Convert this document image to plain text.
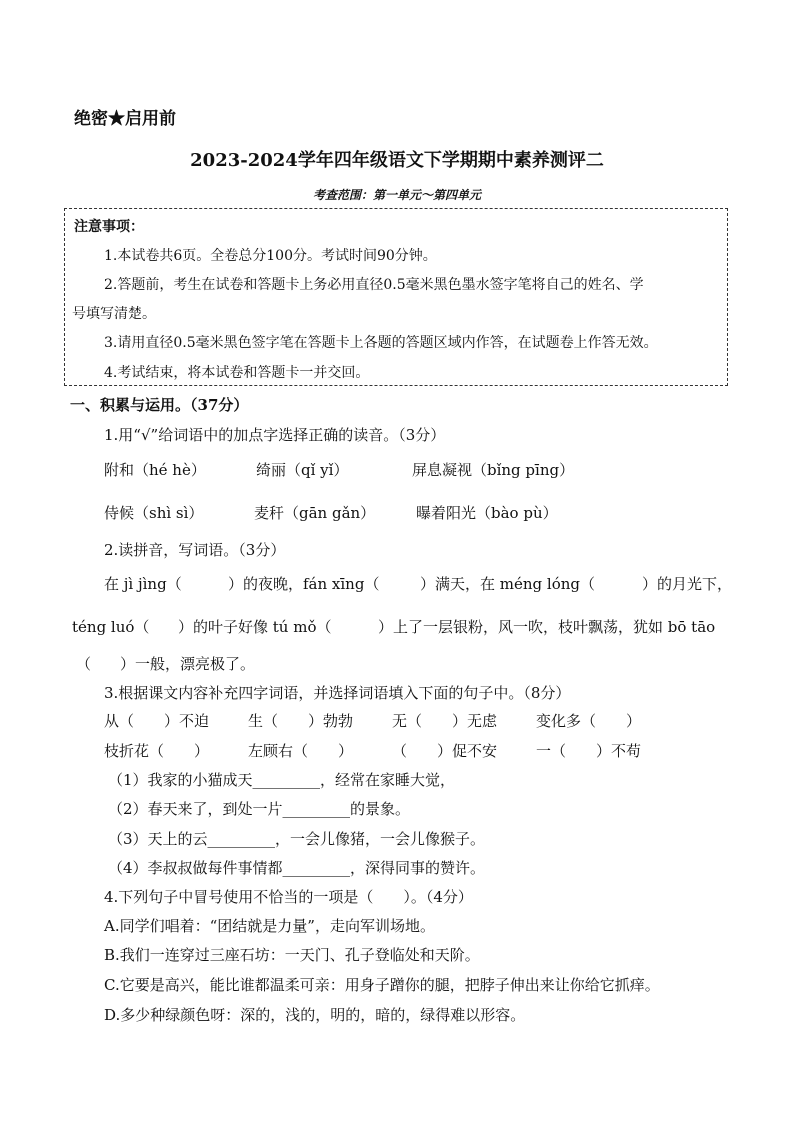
绝密★启用前
2023-2024学年四年级语文下学期期中素养测评二
考查范围：第一单元～第四单元
注意事项：
1.本试卷共6页。全卷总分100分。考试时间90分钟。
2.答题前，考生在试卷和答题卡上务必用直径0.5毫米黑色墨水签字笔将自己的姓名、学
号填写清楚。
3.请用直径0.5毫米黑色签字笔在答题卡上各题的答题区域内作答，在试题卷上作答无效。
4.考试结束，将本试卷和答题卡一并交回。
一、积累与运用。（37分）
1.用“√”给词语中的加点字选择正确的读音。（3分）
附和（hé hè）	绮丽（qǐ yǐ）	屏息凝视（bǐng pīng）
侍候（shì sì）	麦秆（gān gǎn）	曝着阳光（bào pù）
2.读拼音，写词语。（3分）
在 jì jìng（	）的夜晚，fán xīng（	）满天，在 méng lóng（	）的月光下，
téng luó（ ）的叶子好像 tú mǒ（	）上了一层银粉，风一吹，枝叶飘荡，犹如 bō tāo
（ ）一般，漂亮极了。
3.根据课文内容补充四字词语，并选择词语填入下面的句子中。（8分）
从（　　）不迫	生（　　）勃勃	无（　　）无虑	变化多（　　）
枝折花（　　）	左顾右（　　）	（　　）促不安	一（　　）不苟
（1）我家的小猫成天_________，经常在家睡大觉，
（2）春天来了，到处一片_________的景象。
（3）天上的云_________，一会儿像猪，一会儿像猴子。
（4）李叔叔做每件事情都_________，深得同事的赞许。
4.下列句子中冒号使用不恰当的一项是（　　）。（4分）
A.同学们唱着：“团结就是力量”，走向军训场地。
B.我们一连穿过三座石坊：一天门、孔子登临处和天阶。
C.它要是高兴，能比谁都温柔可亲：用身子蹭你的腿，把脖子伸出来让你给它抓痒。
D.多少种绿颜色呀：深的，浅的，明的，暗的，绿得难以形容。
